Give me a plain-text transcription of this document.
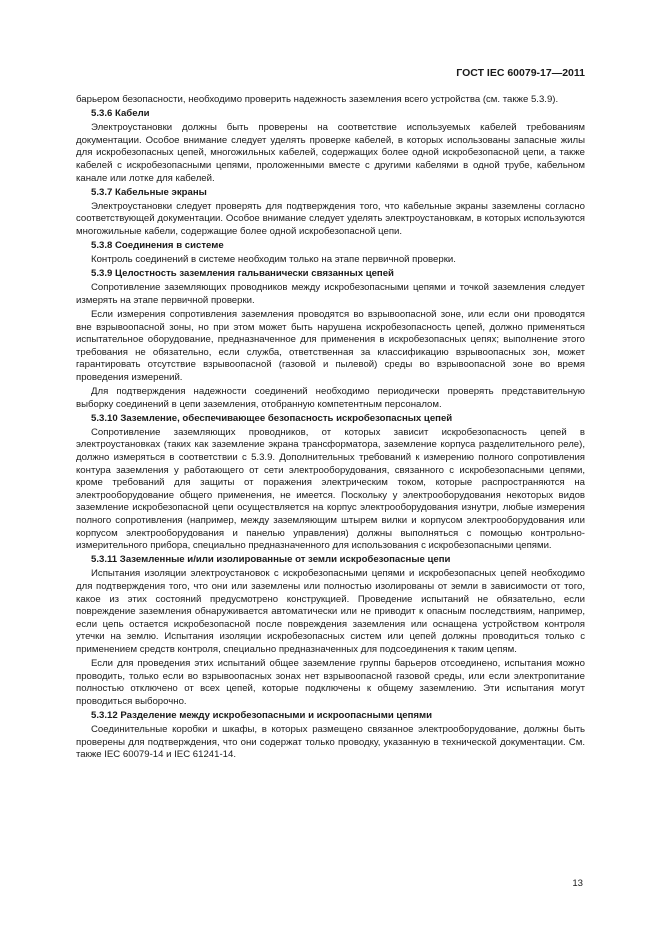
ГОСТ IEC 60079-17—2011

барьером безопасности, необходимо проверить надежность заземления всего устройства (см. также 5.3.9).

5.3.6 Кабели

Электроустановки должны быть проверены на соответствие используемых кабелей требованиям документации. Особое внимание следует уделять проверке кабелей, в которых использованы запасные жилы для искробезопасных цепей, многожильных кабелей, содержащих более одной искробезопасной цепи, а также кабелей с искробезопасными цепями, проложенными вместе с другими кабелями в одной трубе, кабельном канале или лотке для кабелей.

5.3.7 Кабельные экраны

Электроустановки следует проверять для подтверждения того, что кабельные экраны заземлены согласно соответствующей документации. Особое внимание следует уделять электроустановкам, в которых используются многожильные кабели, содержащие более одной искробезопасной цепи.

5.3.8 Соединения в системе

Контроль соединений в системе необходим только на этапе первичной проверки.

5.3.9 Целостность заземления гальванически связанных цепей

Сопротивление заземляющих проводников между искробезопасными цепями и точкой заземления следует измерять на этапе первичной проверки.

Если измерения сопротивления заземления проводятся во взрывоопасной зоне, или если они проводятся вне взрывоопасной зоны, но при этом может быть нарушена искробезопасность цепей, должно применяться испытательное оборудование, предназначенное для применения в искробезопасных цепях; выполнение этого требования не обязательно, если служба, ответственная за классификацию взрывоопасных зон, может гарантировать отсутствие взрывоопасной (газовой и пылевой) среды во взрывоопасной зоне во время проведения измерений.

Для подтверждения надежности соединений необходимо периодически проверять представительную выборку соединений в цепи заземления, отобранную компетентным персоналом.

5.3.10 Заземление, обеспечивающее безопасность искробезопасных цепей

Сопротивление заземляющих проводников, от которых зависит искробезопасность цепей в электроустановках (таких как заземление экрана трансформатора, заземление корпуса разделительного реле), должно измеряться в соответствии с 5.3.9. Дополнительных требований к измерению полного сопротивления контура заземления у работающего от сети электрооборудования, связанного с искробезопасными цепями, кроме требований для защиты от поражения электрическим током, которые распространяются на электрооборудование общего применения, не имеется. Поскольку у электрооборудования некоторых видов заземление искробезопасной цепи осуществляется на корпус электрооборудования изнутри, любые измерения полного сопротивления (например, между заземляющим штырем вилки и корпусом электрооборудования или корпусом электрооборудования и панелью управления) должны выполняться с помощью контрольно-измерительного прибора, специально предназначенного для использования с искробезопасными цепями.

5.3.11 Заземленные и/или изолированные от земли искробезопасные цепи

Испытания изоляции электроустановок с искробезопасными цепями и искробезопасных цепей необходимо для подтверждения того, что они или заземлены или полностью изолированы от земли в зависимости от того, какое из этих состояний предусмотрено конструкцией. Проведение испытаний не обязательно, если повреждение заземления обнаруживается автоматически или не приводит к опасным последствиям, например, если цепь остается искробезопасной после повреждения заземления или оснащена устройством контроля утечки на землю. Испытания изоляции искробезопасных систем или цепей должны проводиться только с применением средств контроля, специально предназначенных для подсоединения к таким цепям.

Если для проведения этих испытаний общее заземление группы барьеров отсоединено, испытания можно проводить, только если во взрывоопасных зонах нет взрывоопасной газовой среды, или если электропитание полностью отключено от всех цепей, которые подключены к общему заземлению. Эти испытания могут проводиться выборочно.

5.3.12 Разделение между искробезопасными и искроопасными цепями

Соединительные коробки и шкафы, в которых размещено связанное электрооборудование, должны быть проверены для подтверждения, что они содержат только проводку, указанную в технической документации. См. также IEC 60079-14 и IEC 61241-14.

13
